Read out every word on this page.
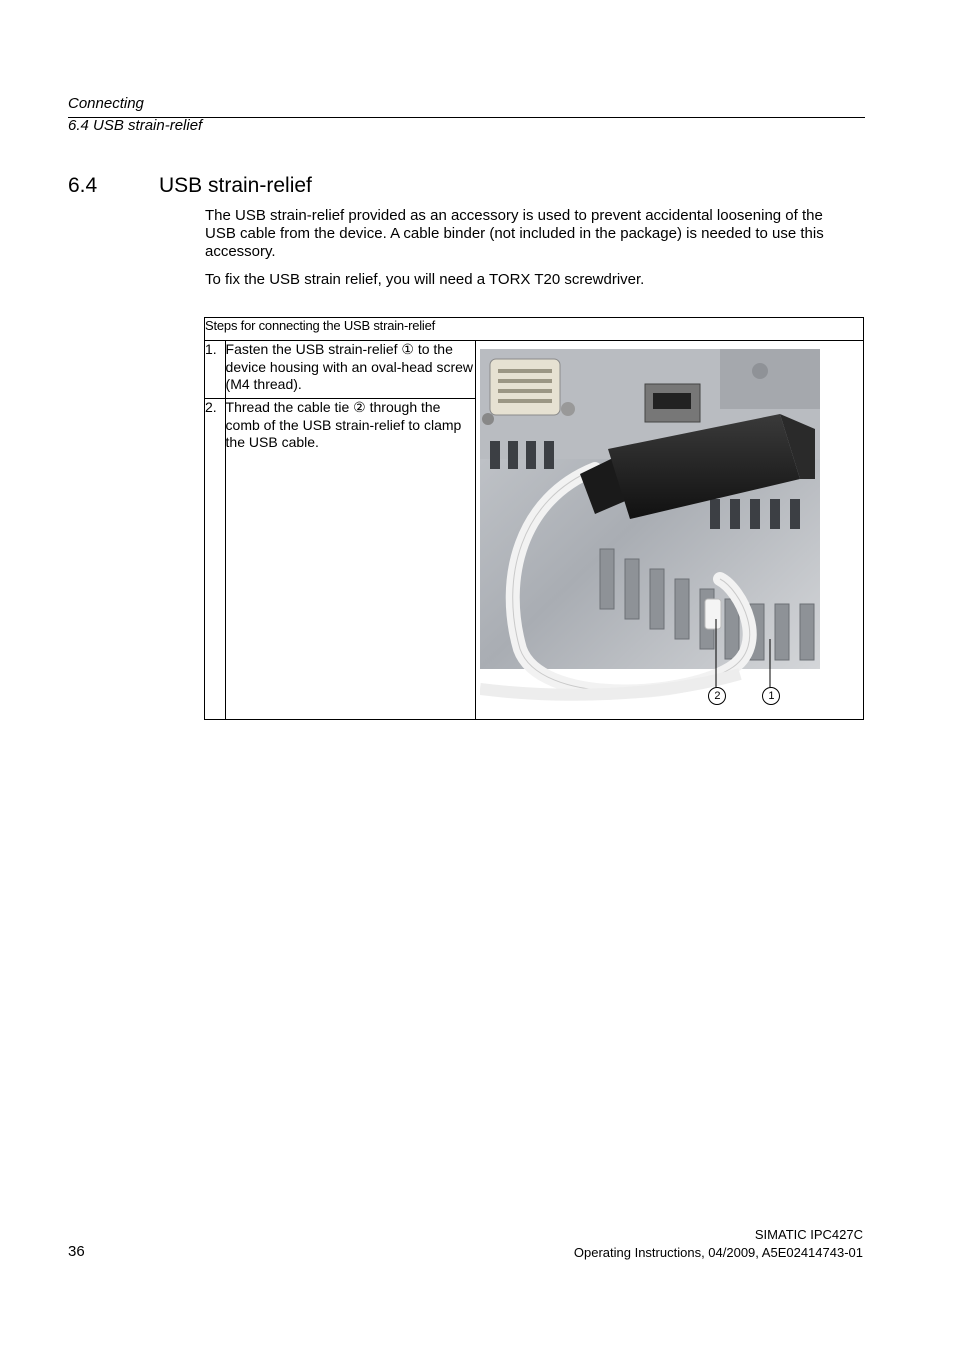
Connecting
6.4 USB strain-relief
6.4	USB strain-relief
The USB strain-relief provided as an accessory is used to prevent accidental loosening of the USB cable from the device. A cable binder (not included in the package) is needed to use this accessory.
To fix the USB strain relief, you will need a TORX T20 screwdriver.
Steps for connecting the USB strain-relief		
1.	Fasten the USB strain-relief ① to the device housing with an oval-head screw (M4 thread).	2 1

2.	Thread the cable tie ② through the comb of the USB strain-relief to clamp the USB cable.	
SIMATIC IPC427C
36	Operating Instructions, 04/2009, A5E02414743-01
